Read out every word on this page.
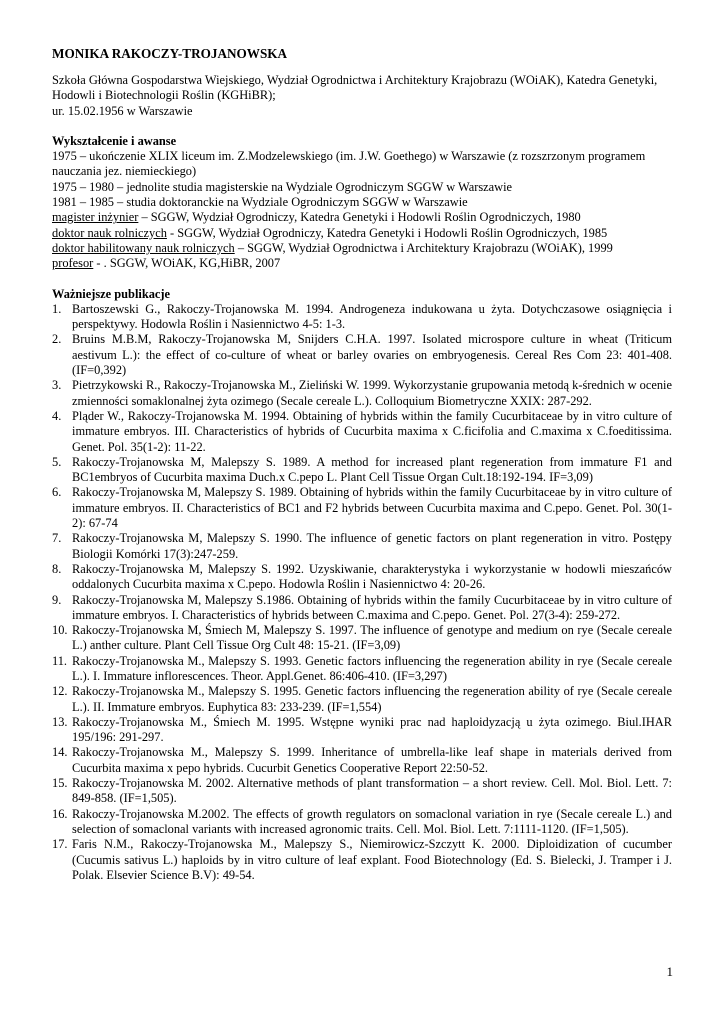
MONIKA RAKOCZY-TROJANOWSKA
Szkoła Główna Gospodarstwa Wiejskiego, Wydział Ogrodnictwa i Architektury Krajobrazu (WOiAK), Katedra Genetyki, Hodowli i Biotechnologii Roślin (KGHiBR);
ur. 15.02.1956 w Warszawie
Wykształcenie i awanse
1975 – ukończenie XLIX liceum im. Z.Modzelewskiego (im. J.W. Goethego) w Warszawie (z rozszrzonym programem nauczania jez. niemieckiego)
1975 – 1980 – jednolite studia magisterskie na Wydziale Ogrodniczym SGGW w Warszawie
1981 – 1985 – studia doktoranckie na Wydziale Ogrodniczym SGGW w Warszawie
magister inżynier – SGGW, Wydział Ogrodniczy, Katedra Genetyki i Hodowli Roślin Ogrodniczych, 1980
doktor nauk rolniczych - SGGW, Wydział Ogrodniczy, Katedra Genetyki i Hodowli Roślin Ogrodniczych, 1985
doktor habilitowany nauk rolniczych – SGGW, Wydział Ogrodnictwa i Architektury Krajobrazu (WOiAK), 1999
profesor - . SGGW, WOiAK, KG,HiBR, 2007
Ważniejsze publikacje
1. Bartoszewski G., Rakoczy-Trojanowska M. 1994. Androgeneza indukowana u żyta. Dotychczasowe osiągnięcia i perspektywy. Hodowla Roślin i Nasiennictwo 4-5: 1-3.
2. Bruins M.B.M, Rakoczy-Trojanowska M, Snijders C.H.A. 1997. Isolated microspore culture in wheat (Triticum aestivum L.): the effect of co-culture of wheat or barley ovaries on embryogenesis. Cereal Res Com 23: 401-408. (IF=0,392)
3. Pietrzykowski R., Rakoczy-Trojanowska M., Zieliński W. 1999. Wykorzystanie grupowania metodą k-średnich w ocenie zmienności somaklonalnej żyta ozimego (Secale cereale L.). Colloquium Biometryczne XXIX: 287-292.
4. Pląder W., Rakoczy-Trojanowska M. 1994. Obtaining of hybrids within the family Cucurbitaceae by in vitro culture of immature embryos. III. Characteristics of hybrids of Cucurbita maxima x C.ficifolia and C.maxima x C.foeditissima. Genet. Pol. 35(1-2): 11-22.
5. Rakoczy-Trojanowska M, Malepszy S. 1989. A method for increased plant regeneration from immature F1 and BC1embryos of Cucurbita maxima Duch.x C.pepo L. Plant Cell Tissue Organ Cult.18:192-194. IF=3,09)
6. Rakoczy-Trojanowska M, Malepszy S. 1989. Obtaining of hybrids within the family Cucurbitaceae by in vitro culture of immature embryos. II. Characteristics of BC1 and F2 hybrids between Cucurbita maxima and C.pepo. Genet. Pol. 30(1-2): 67-74
7. Rakoczy-Trojanowska M, Malepszy S. 1990. The influence of genetic factors on plant regeneration in vitro. Postępy Biologii Komórki 17(3):247-259.
8. Rakoczy-Trojanowska M, Malepszy S. 1992. Uzyskiwanie, charakterystyka i wykorzystanie w hodowli mieszańców oddalonych Cucurbita maxima x C.pepo. Hodowla Roślin i Nasiennictwo 4: 20-26.
9. Rakoczy-Trojanowska M, Malepszy S.1986. Obtaining of hybrids within the family Cucurbitaceae by in vitro culture of immature embryos. I. Characteristics of hybrids between C.maxima and C.pepo. Genet. Pol. 27(3-4): 259-272.
10. Rakoczy-Trojanowska M, Śmiech M, Malepszy S. 1997. The influence of genotype and medium on rye (Secale cereale L.) anther culture. Plant Cell Tissue Org Cult 48: 15-21. (IF=3,09)
11. Rakoczy-Trojanowska M., Malepszy S. 1993. Genetic factors influencing the regeneration ability in rye (Secale cereale L.). I. Immature inflorescences. Theor. Appl.Genet. 86:406-410. (IF=3,297)
12. Rakoczy-Trojanowska M., Malepszy S. 1995. Genetic factors influencing the regeneration ability of rye (Secale cereale L.). II. Immature embryos. Euphytica 83: 233-239. (IF=1,554)
13. Rakoczy-Trojanowska M., Śmiech M. 1995. Wstępne wyniki prac nad haploidyzacją u żyta ozimego. Biul.IHAR 195/196: 291-297.
14. Rakoczy-Trojanowska M., Malepszy S. 1999. Inheritance of umbrella-like leaf shape in materials derived from Cucurbita maxima x pepo hybrids. Cucurbit Genetics Cooperative Report 22:50-52.
15. Rakoczy-Trojanowska M. 2002. Alternative methods of plant transformation – a short review. Cell. Mol. Biol. Lett. 7: 849-858. (IF=1,505).
16. Rakoczy-Trojanowska M.2002. The effects of growth regulators on somaclonal variation in rye (Secale cereale L.) and selection of somaclonal variants with increased agronomic traits. Cell. Mol. Biol. Lett. 7:1111-1120. (IF=1,505).
17. Faris N.M., Rakoczy-Trojanowska M., Malepszy S., Niemirowicz-Szczytt K. 2000. Diploidization of cucumber (Cucumis sativus L.) haploids by in vitro culture of leaf explant. Food Biotechnology (Ed. S. Bielecki, J. Tramper i J. Polak. Elsevier Science B.V): 49-54.
1
